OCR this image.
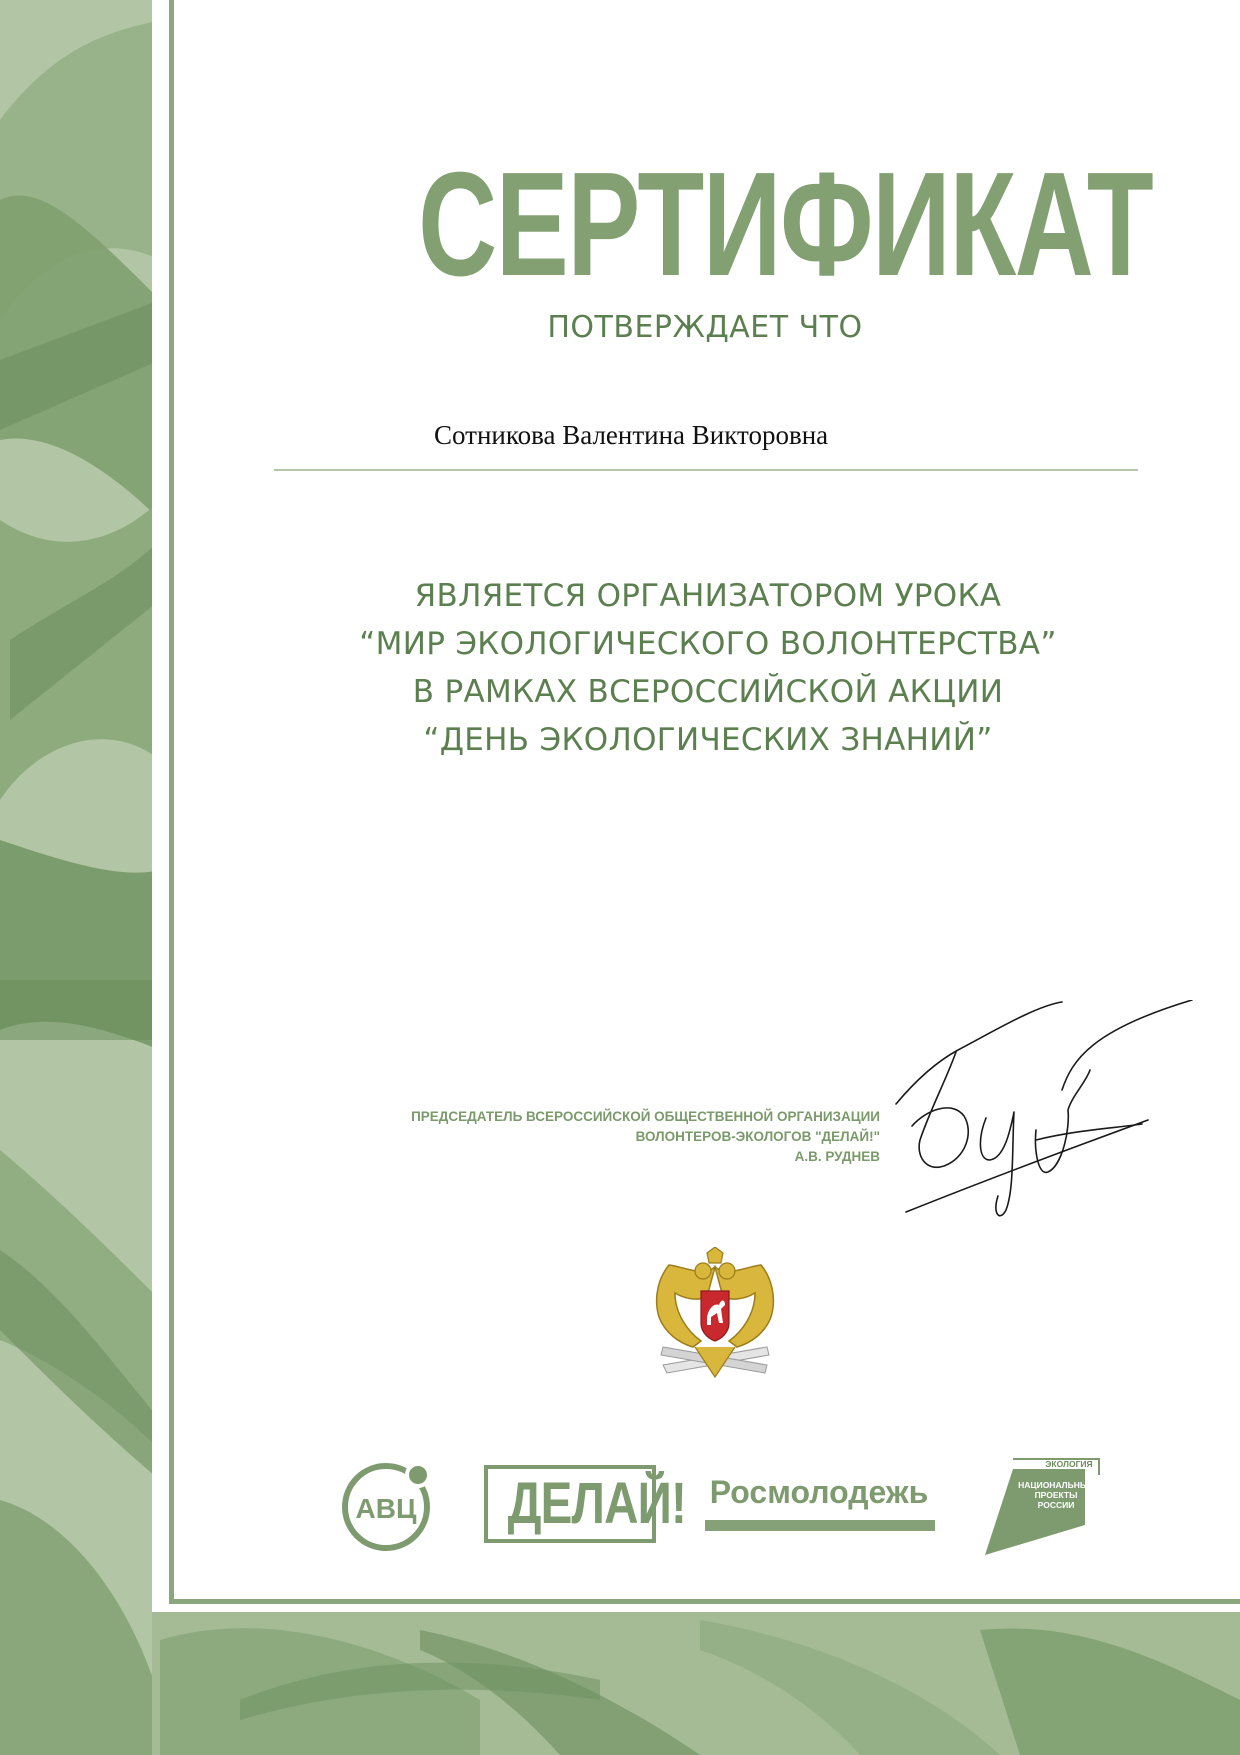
СЕРТИФИКАТ
ПОТВЕРЖДАЕТ ЧТО
Сотникова Валентина Викторовна
ЯВЛЯЕТСЯ ОРГАНИЗАТОРОМ УРОКА
“МИР ЭКОЛОГИЧЕСКОГО ВОЛОНТЕРСТВА”
В РАМКАХ ВСЕРОССИЙСКОЙ АКЦИИ
“ДЕНЬ ЭКОЛОГИЧЕСКИХ ЗНАНИЙ”
ПРЕДСЕДАТЕЛЬ ВСЕРОССИЙСКОЙ ОБЩЕСТВЕННОЙ ОРГАНИЗАЦИИ
ВОЛОНТЕРОВ-ЭКОЛОГОВ "ДЕЛАЙ!"
А.В. РУДНЕВ
АВЦ	ДЕЛАЙ! Росмолодежь
ЭКОЛОГИЯ
НАЦИОНАЛЬНЫЕ
ПРОЕКТЫ
РОССИИ
